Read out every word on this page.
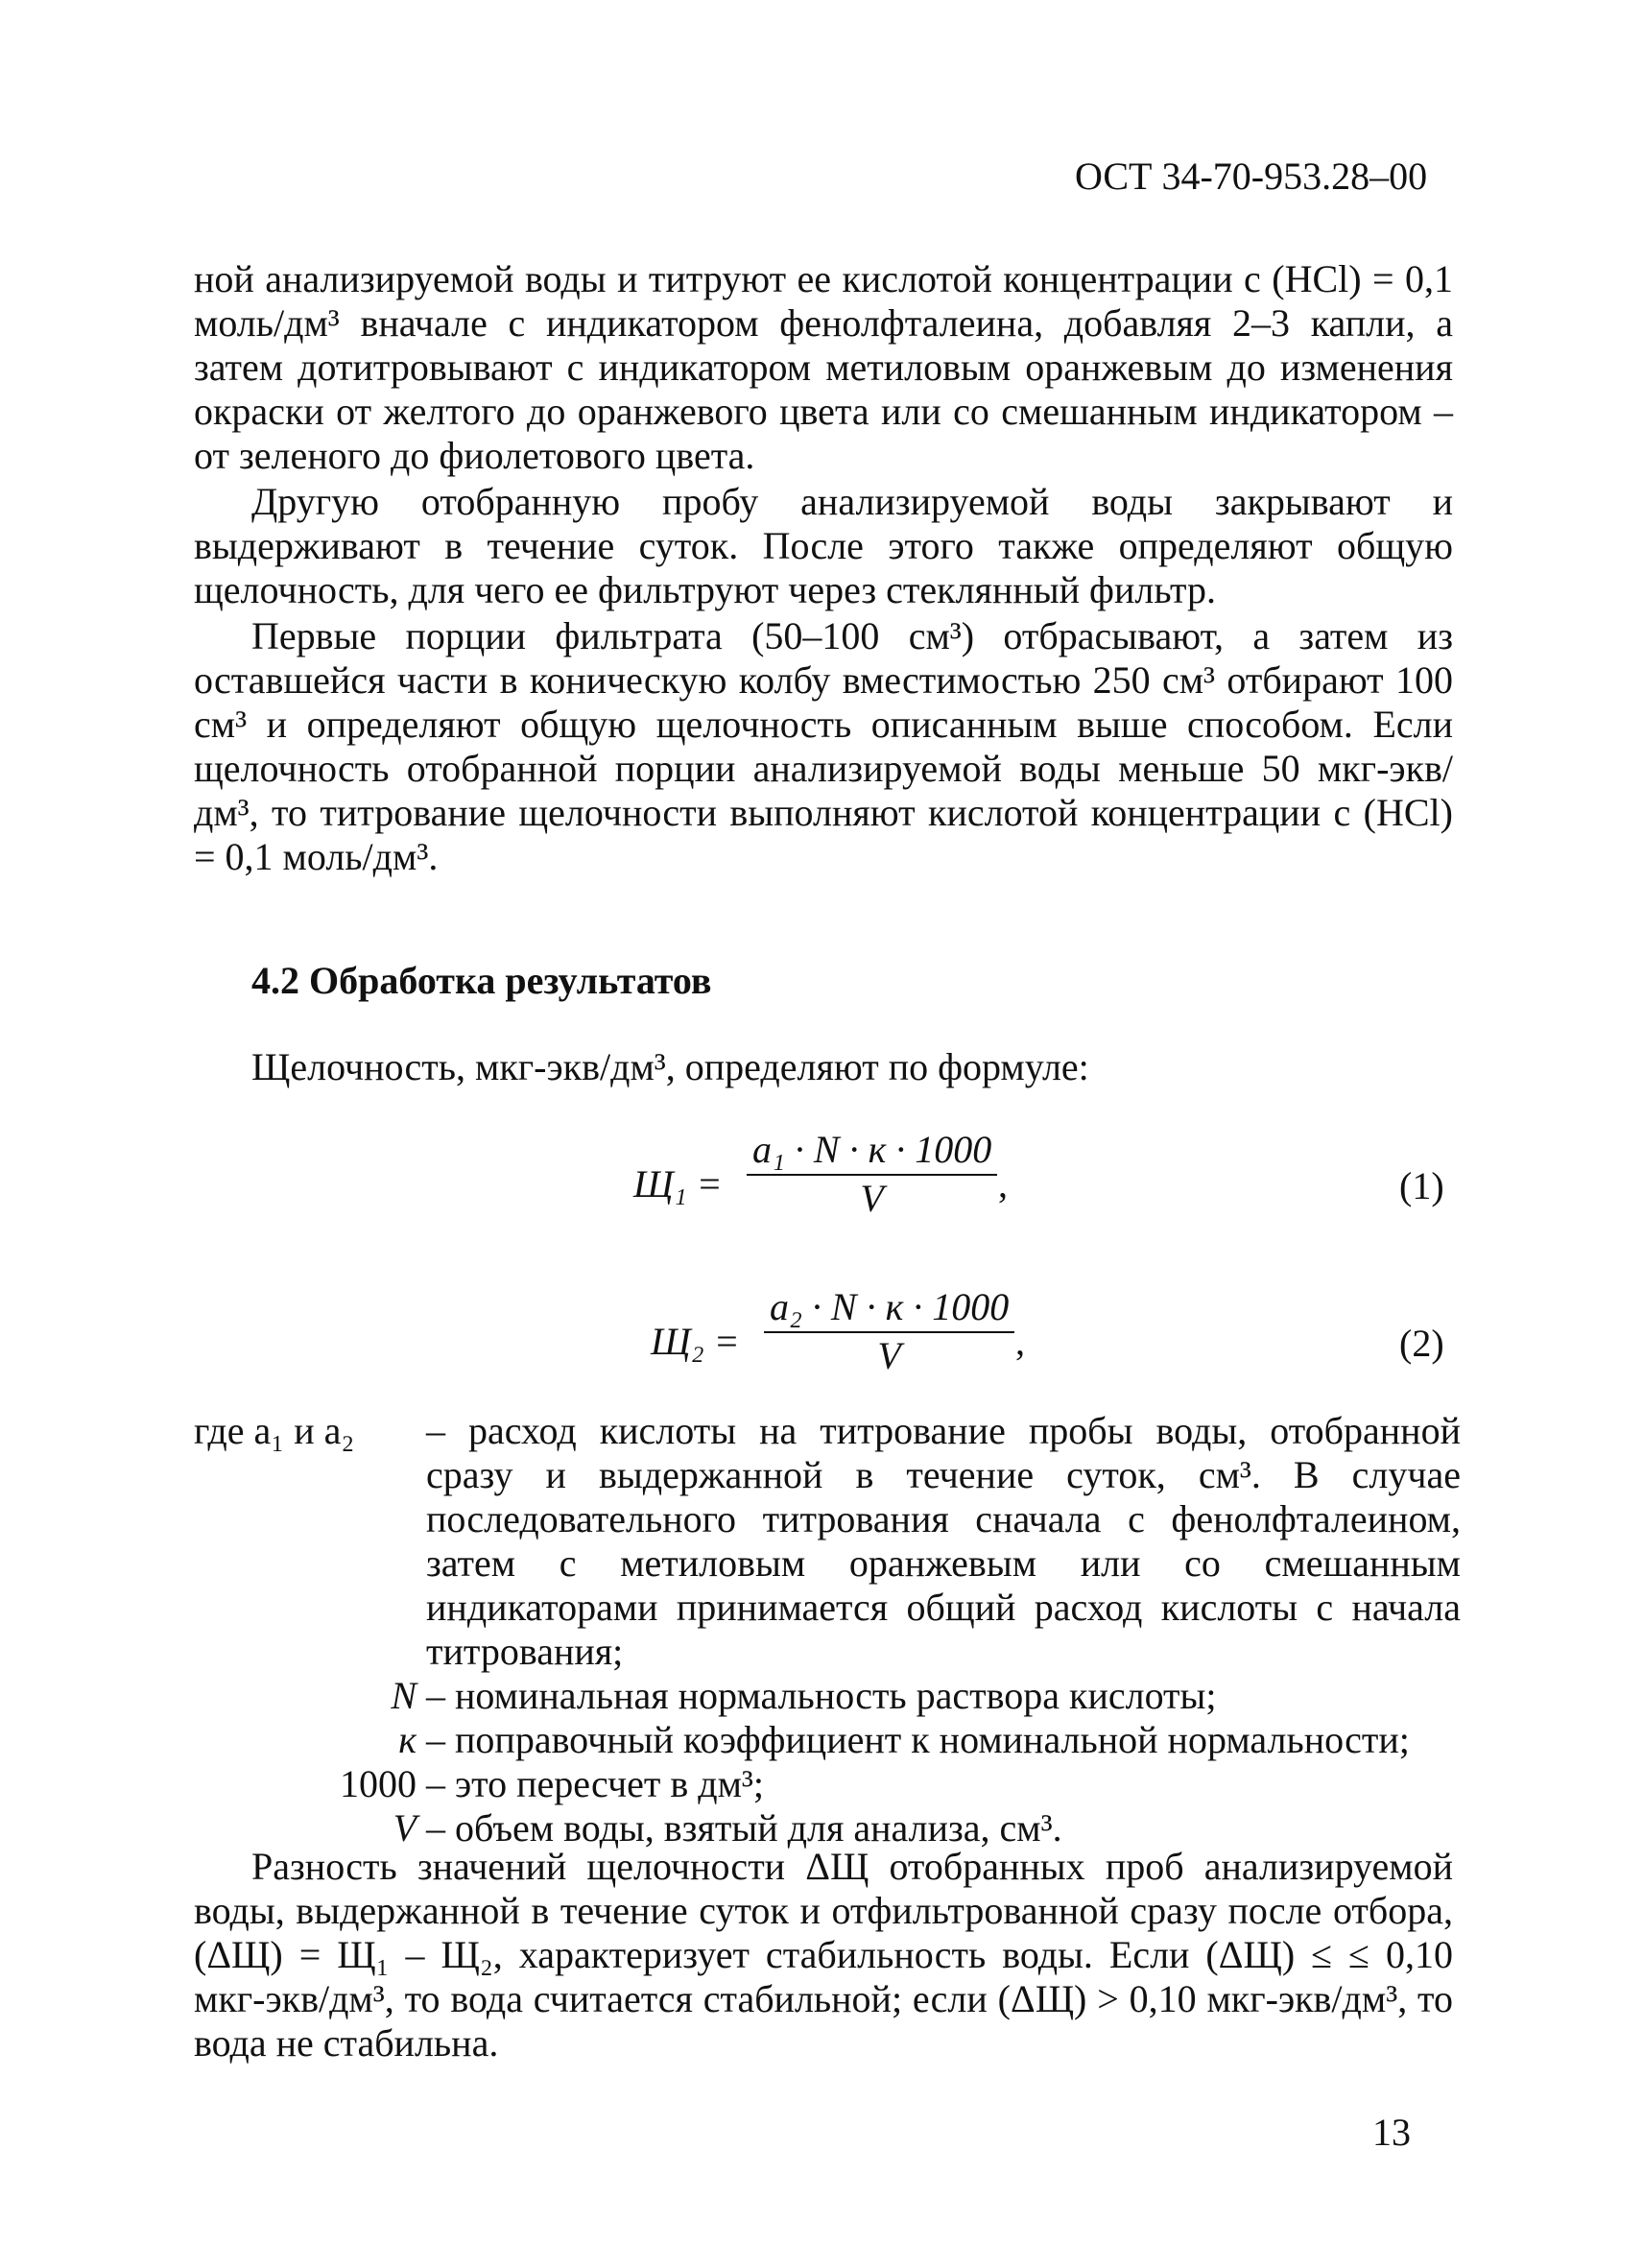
ОСТ 34-70-953.28–00

ной анализируемой воды и титруют ее кислотой концентрации с (HCl) = 0,1 моль/дм³ вначале с индикатором фенолфталеина, добавляя 2–3 капли, а затем дотитровывают с индикатором метиловым оранжевым до изменения окраски от желтого до оранжевого цвета или со смешанным индикатором – от зеленого до фиолетового цвета.

Другую отобранную пробу анализируемой воды закрывают и выдерживают в течение суток. После этого также определяют общую щелочность, для чего ее фильтруют через стеклянный фильтр.

Первые порции фильтрата (50–100 см³) отбрасывают, а затем из оставшейся части в коническую колбу вместимостью 250 см³ отбирают 100 см³ и определяют общую щелочность описанным выше способом. Если щелочность отобранной порции анализируемой воды меньше 50 мкг-экв/дм³, то титрование щелочности выполняют кислотой концентрации с (HCl) = 0,1 моль/дм³.

4.2 Обработка результатов
Щелочность, мкг-экв/дм³, определяют по формуле:
Щ₁ =
a₁ · N · к · 1000
V	,	(1)
Щ₂ =
a₂ · N · к · 1000
V	,	(2)
где a₁ и a₂	– расход кислоты на титрование пробы воды, отобранной сразу и выдержанной в течение суток, см³. В случае последовательного титрования сначала с фенолфталеином, затем с метиловым оранжевым или со смешанным индикаторами принимается общий расход кислоты с начала титрования;
N – номинальная нормальность раствора кислоты;
к – поправочный коэффициент к номинальной нормальности;
1000 – это пересчет в дм³;
V – объем воды, взятый для анализа, см³.

Разность значений щелочности ΔЩ отобранных проб анализируемой воды, выдержанной в течение суток и отфильтрованной сразу после отбора, (ΔЩ) = Щ₁ – Щ₂, характеризует стабильность воды. Если (ΔЩ) ≤ ≤ 0,10 мкг-экв/дм³, то вода считается стабильной; если (ΔЩ) > 0,10 мкг-экв/дм³, то вода не стабильна.

13
